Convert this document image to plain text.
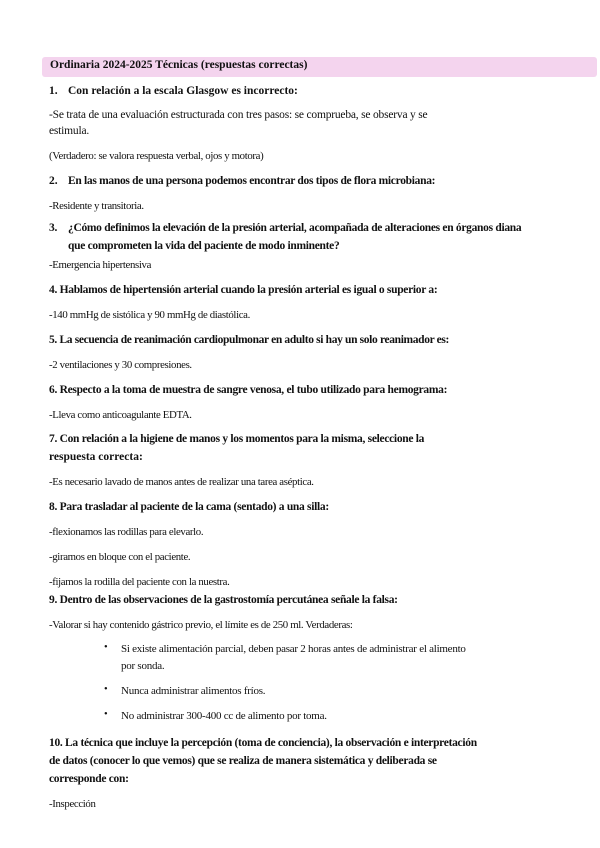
Ordinaria 2024-2025 Técnicas (respuestas correctas)
1. Con relación a la escala Glasgow es incorrecto:
-Se trata de una evaluación estructurada con tres pasos: se comprueba, se observa y se
estimula.
(Verdadero: se valora respuesta verbal, ojos y motora)
2. En las manos de una persona podemos encontrar dos tipos de flora microbiana:
-Residente y transitoria.
3. ¿Cómo definimos la elevación de la presión arterial, acompañada de alteraciones en órganos diana
que comprometen la vida del paciente de modo inminente?
-Emergencia hipertensiva
4. Hablamos de hipertensión arterial cuando la presión arterial es igual o superior a:
-140 mmHg de sistólica y 90 mmHg de diastólica.
5. La secuencia de reanimación cardiopulmonar en adulto si hay un solo reanimador es:
-2 ventilaciones y 30 compresiones.
6. Respecto a la toma de muestra de sangre venosa, el tubo utilizado para hemograma:
-Lleva como anticoagulante EDTA.
7. Con relación a la higiene de manos y los momentos para la misma, seleccione la
respuesta correcta:
-Es necesario lavado de manos antes de realizar una tarea aséptica.
8. Para trasladar al paciente de la cama (sentado) a una silla:
-flexionamos las rodillas para elevarlo.
-giramos en bloque con el paciente.
-fijamos la rodilla del paciente con la nuestra.
9. Dentro de las observaciones de la gastrostomía percutánea señale la falsa:
-Valorar si hay contenido gástrico previo, el límite es de 250 ml. Verdaderas:
• Si existe alimentación parcial, deben pasar 2 horas antes de administrar el alimento
por sonda.
• Nunca administrar alimentos fríos.
• No administrar 300-400 cc de alimento por toma.
10. La técnica que incluye la percepción (toma de conciencia), la observación e interpretación
de datos (conocer lo que vemos) que se realiza de manera sistemática y deliberada se
corresponde con:
-Inspección
